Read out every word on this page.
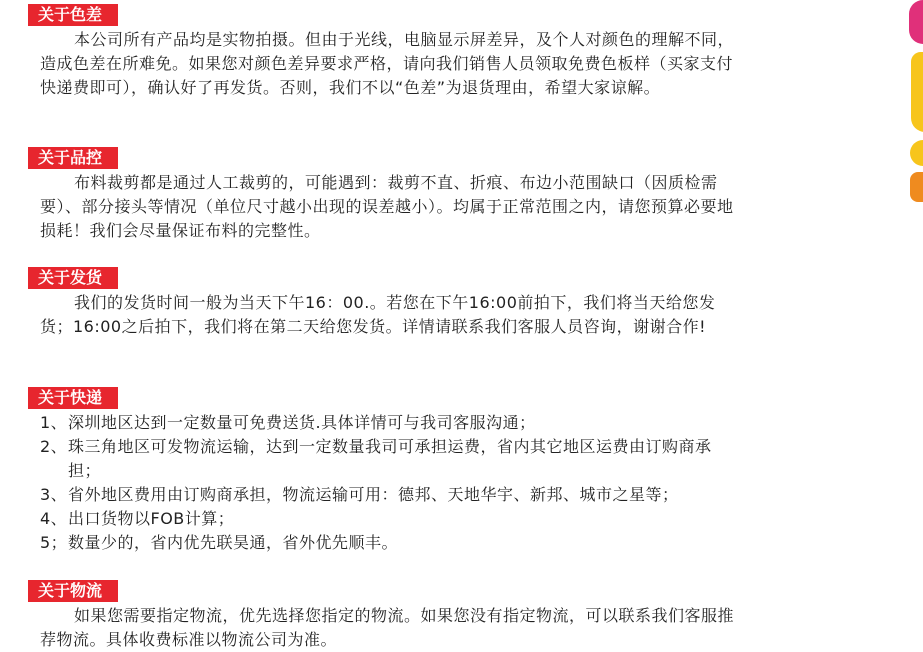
关于色差
本公司所有产品均是实物拍摄。但由于光线，电脑显示屏差异，及个人对颜色的理解不同，造成色差在所难免。如果您对颜色差异要求严格，请向我们销售人员领取免费色板样（买家支付快递费即可），确认好了再发货。否则，我们不以“色差”为退货理由，希望大家谅解。
关于品控
布料裁剪都是通过人工裁剪的，可能遇到：裁剪不直、折痕、布边小范围缺口（因质检需要）、部分接头等情况（单位尺寸越小出现的误差越小）。均属于正常范围之内，请您预算必要地损耗！我们会尽量保证布料的完整性。
关于发货
我们的发货时间一般为当天下午16：00.。若您在下午16:00前拍下，我们将当天给您发货；16:00之后拍下，我们将在第二天给您发货。详情请联系我们客服人员咨询，谢谢合作!
关于快递
1、 深圳地区达到一定数量可免费送货.具体详情可与我司客服沟通；
2、 珠三角地区可发物流运输，达到一定数量我司可承担运费，省内其它地区运费由订购商承担；
3、 省外地区费用由订购商承担，物流运输可用：德邦、天地华宇、新邦、城市之星等；
4、 出口货物以FOB计算；
5； 数量少的，省内优先联昊通，省外优先顺丰。
关于物流
如果您需要指定物流，优先选择您指定的物流。如果您没有指定物流，可以联系我们客服推荐物流。具体收费标准以物流公司为准。
